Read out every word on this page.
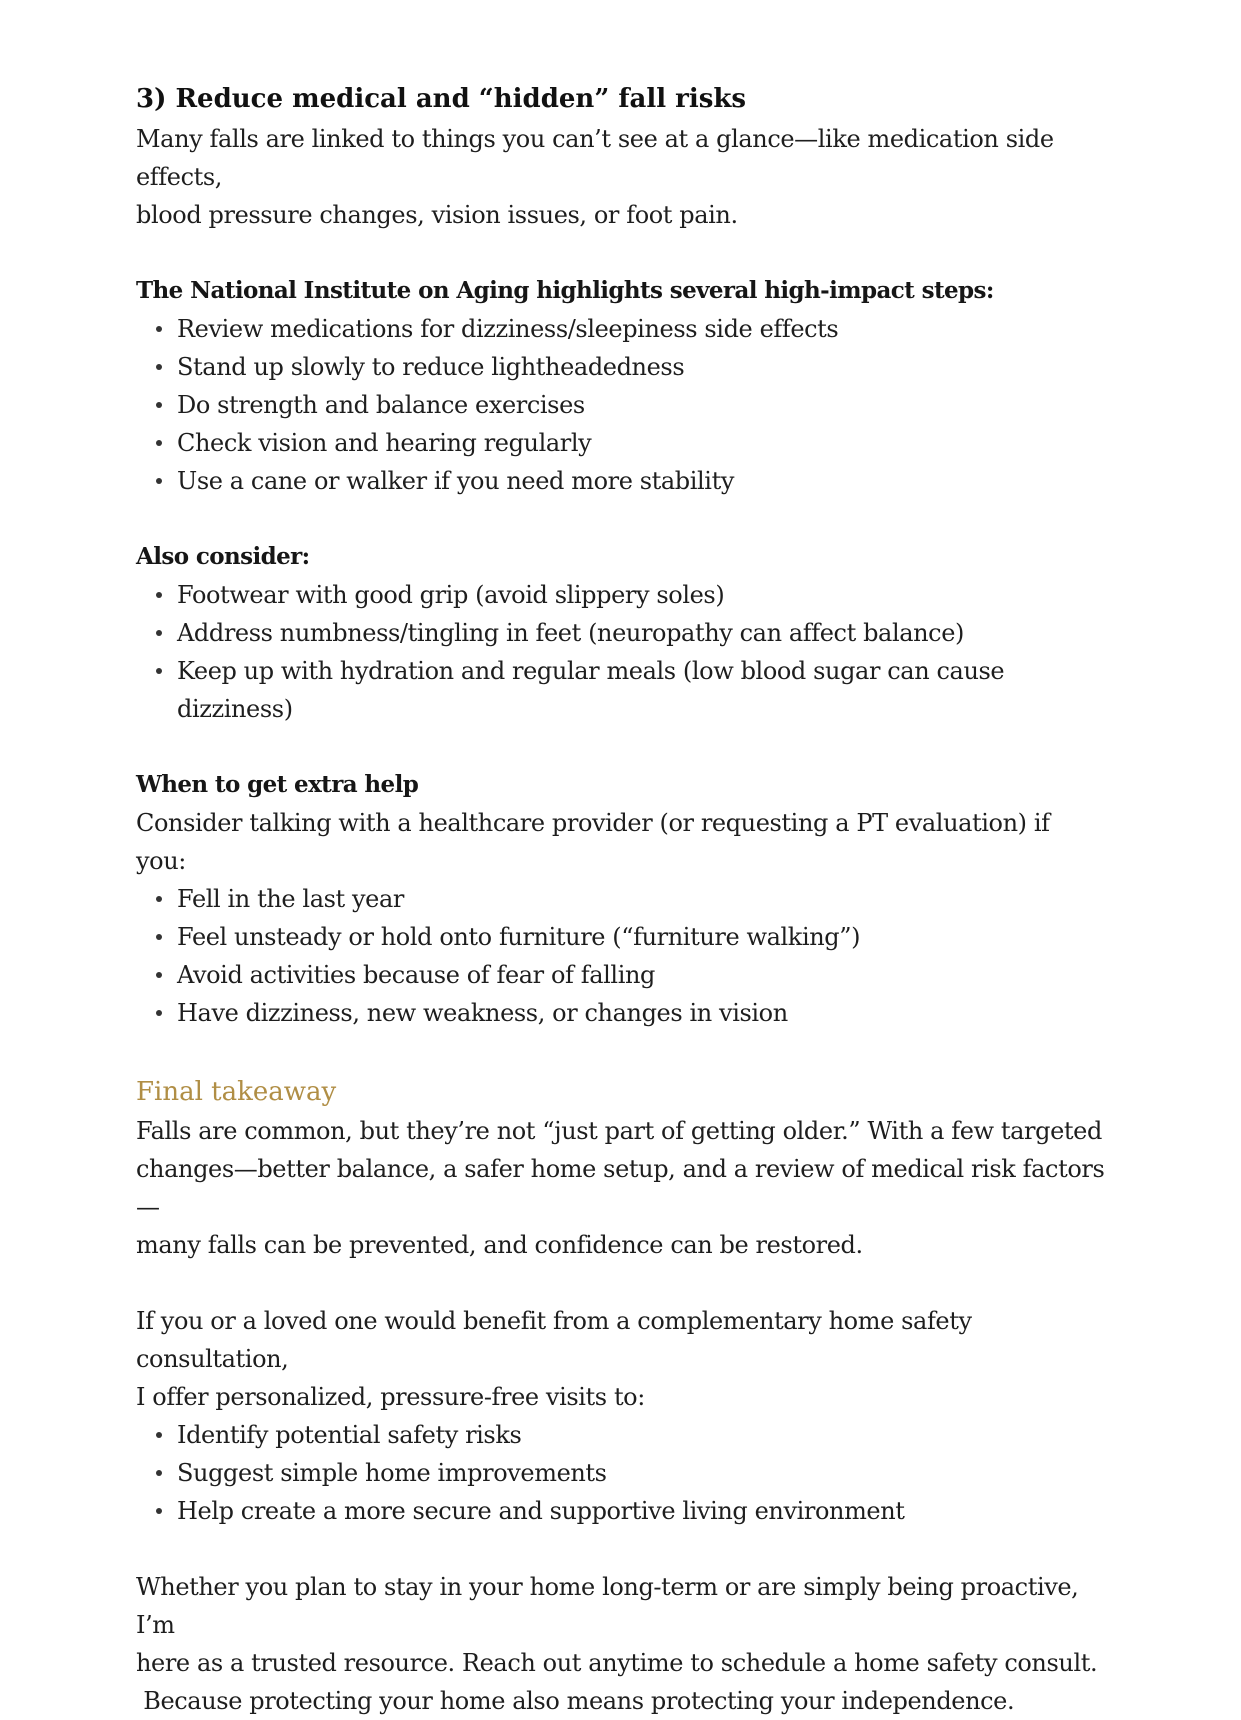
3) Reduce medical and “hidden” fall risks

Many falls are linked to things you can’t see at a glance—like medication side effects,

blood pressure changes, vision issues, or foot pain.

The National Institute on Aging highlights several high-impact steps:

Review medications for dizziness/sleepiness side effects
Stand up slowly to reduce lightheadedness
Do strength and balance exercises
Check vision and hearing regularly
Use a cane or walker if you need more stability

Also consider:

Footwear with good grip (avoid slippery soles)
Address numbness/tingling in feet (neuropathy can affect balance)
Keep up with hydration and regular meals (low blood sugar can cause dizziness)

When to get extra help

Consider talking with a healthcare provider (or requesting a PT evaluation) if you:

Fell in the last year
Feel unsteady or hold onto furniture (“furniture walking”)
Avoid activities because of fear of falling
Have dizziness, new weakness, or changes in vision

Final takeaway

Falls are common, but they’re not “just part of getting older.” With a few targeted

changes—better balance, a safer home setup, and a review of medical risk factors—

many falls can be prevented, and confidence can be restored.

If you or a loved one would benefit from a complementary home safety consultation,

I offer personalized, pressure-free visits to:

Identify potential safety risks
Suggest simple home improvements
Help create a more secure and supportive living environment

Whether you plan to stay in your home long-term or are simply being proactive, I’m

here as a trusted resource. Reach out anytime to schedule a home safety consult.

Because protecting your home also means protecting your independence.
